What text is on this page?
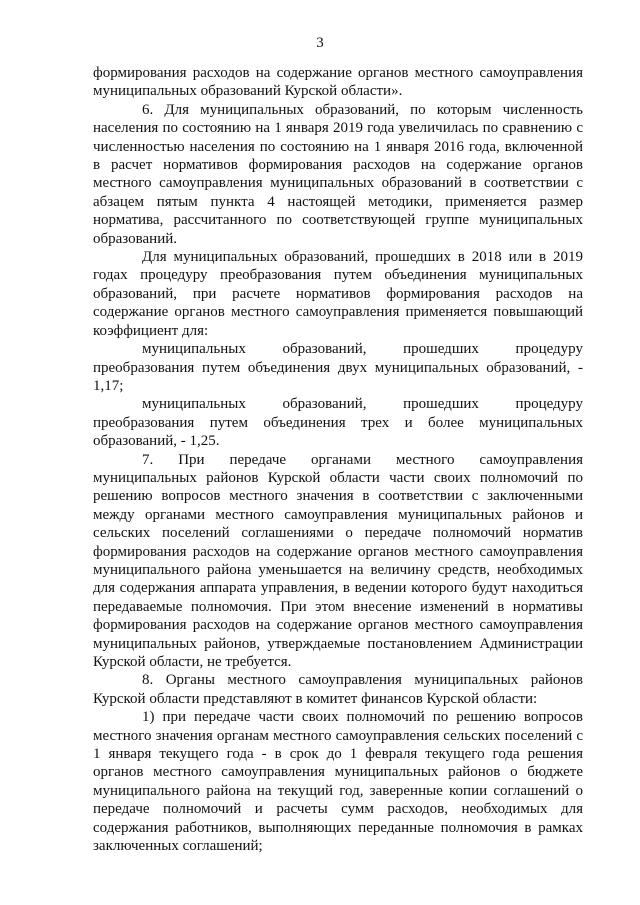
3

формирования расходов на содержание органов местного самоуправления муниципальных образований Курской области».

6. Для муниципальных образований, по которым численность населения по состоянию на 1 января 2019 года увеличилась по сравнению с численностью населения по состоянию на 1 января 2016 года, включенной в расчет нормативов формирования расходов на содержание органов местного самоуправления муниципальных образований в соответствии с абзацем пятым пункта 4 настоящей методики, применяется размер норматива, рассчитанного по соответствующей группе муниципальных образований.

Для муниципальных образований, прошедших в 2018 или в 2019 годах процедуру преобразования путем объединения муниципальных образований, при расчете нормативов формирования расходов на содержание органов местного самоуправления применяется повышающий коэффициент для:

муниципальных образований, прошедших процедуру преобразования путем объединения двух муниципальных образований, - 1,17;

муниципальных образований, прошедших процедуру преобразования путем объединения трех и более муниципальных образований, - 1,25.

7. При передаче органами местного самоуправления муниципальных районов Курской области части своих полномочий по решению вопросов местного значения в соответствии с заключенными между органами местного самоуправления муниципальных районов и сельских поселений соглашениями о передаче полномочий норматив формирования расходов на содержание органов местного самоуправления муниципального района уменьшается на величину средств, необходимых для содержания аппарата управления, в ведении которого будут находиться передаваемые полномочия. При этом внесение изменений в нормативы формирования расходов на содержание органов местного самоуправления муниципальных районов, утверждаемые постановлением Администрации Курской области, не требуется.

8. Органы местного самоуправления муниципальных районов Курской области представляют в комитет финансов Курской области:

1) при передаче части своих полномочий по решению вопросов местного значения органам местного самоуправления сельских поселений с 1 января текущего года - в срок до 1 февраля текущего года решения органов местного самоуправления муниципальных районов о бюджете муниципального района на текущий год, заверенные копии соглашений о передаче полномочий и расчеты сумм расходов, необходимых для содержания работников, выполняющих переданные полномочия в рамках заключенных соглашений;
